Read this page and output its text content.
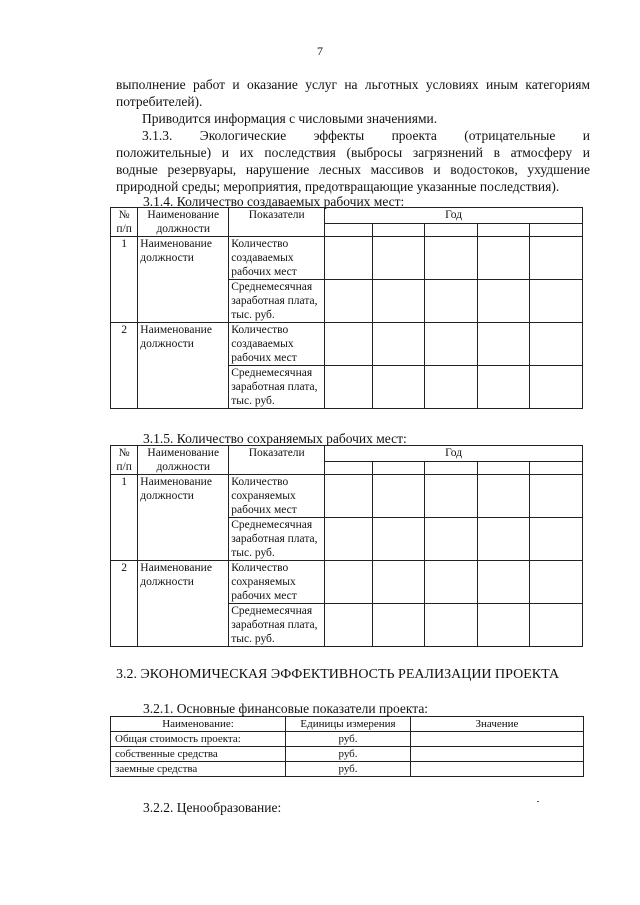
7
выполнение работ и оказание услуг на льготных условиях иным категориям
потребителей).
Приводится информация с числовыми значениями.
3.1.3. Экологические эффекты проекта (отрицательные и
положительные) и их последствия (выбросы загрязнений в атмосферу и
водные резервуары, нарушение лесных массивов и водостоков, ухудшение
природной среды; мероприятия, предотвращающие указанные последствия).
3.1.4. Количество создаваемых рабочих мест:
№
п/п	Наименование
должности	Показатели	Год				

1	Наименование должности	Количество создаваемых рабочих мест					
		Среднемесячная заработная плата, тыс. руб.					
2	Наименование должности	Количество создаваемых рабочих мест					
		Среднемесячная заработная плата, тыс. руб.					
3.1.5. Количество сохраняемых рабочих мест:
№
п/п	Наименование
должности	Показатели	Год				

1	Наименование должности	Количество сохраняемых рабочих мест					
		Среднемесячная заработная плата, тыс. руб.					
2	Наименование должности	Количество сохраняемых рабочих мест					
		Среднемесячная заработная плата, тыс. руб.					
3.2. ЭКОНОМИЧЕСКАЯ ЭФФЕКТИВНОСТЬ РЕАЛИЗАЦИИ ПРОЕКТА
3.2.1. Основные финансовые показатели проекта:
Наименование:	Единицы измерения	Значение
Общая стоимость проекта:	руб.	
собственные средства	руб.	
заемные средства	руб.	
3.2.2. Ценообразование:
